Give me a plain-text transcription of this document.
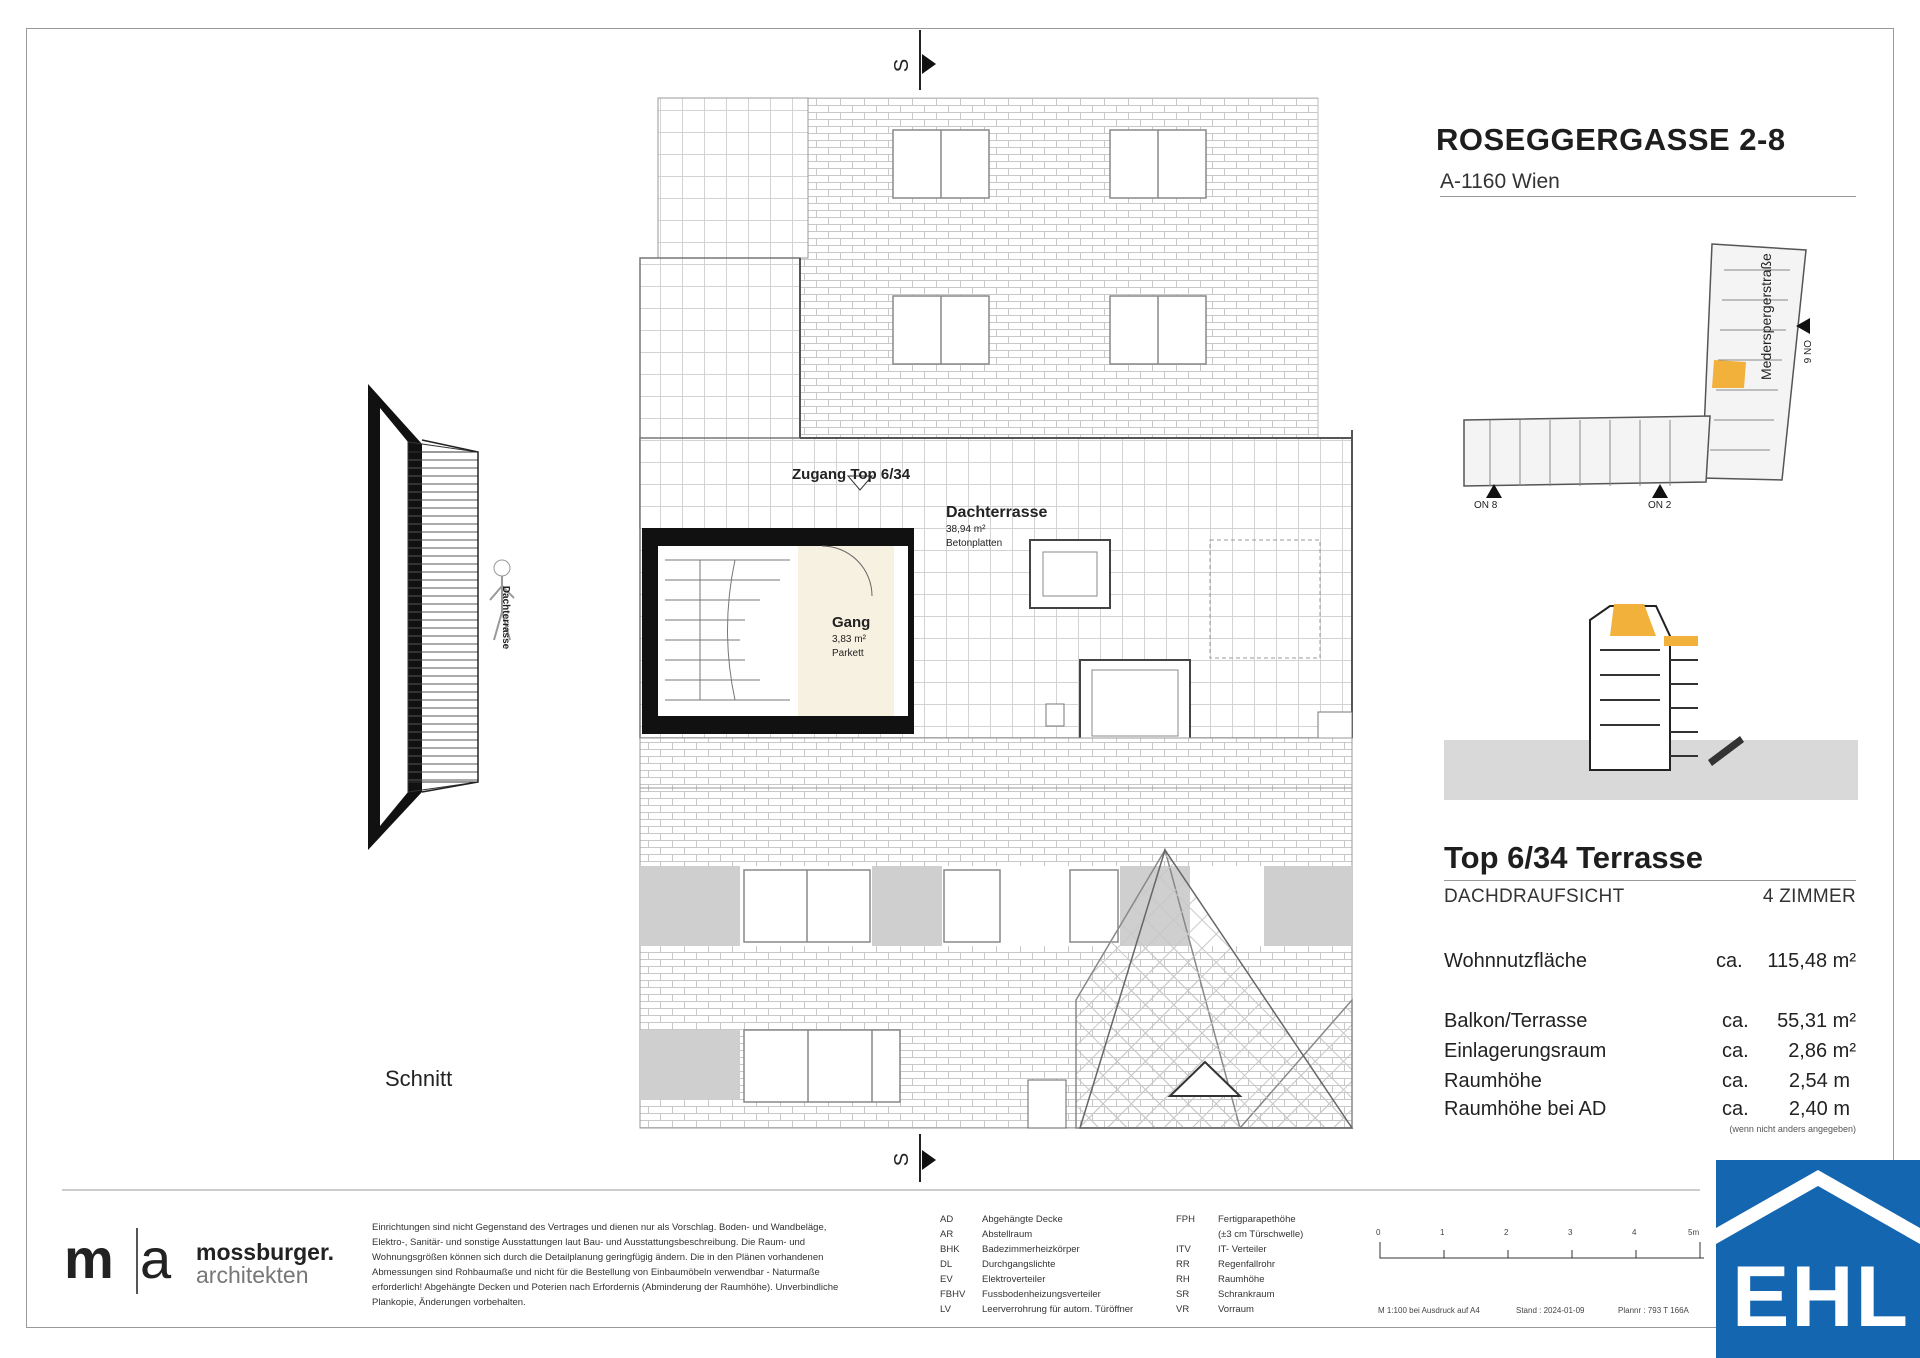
S
S
Zugang Top 6/34
Dachterrasse
38,94 m²
Betonplatten
Gang
3,83 m²
Parkett
Dachterrasse
Schnitt
ROSEGGERGASSE 2-8
A-1160 Wien
Mederspergerstraße
ON 8	ON 2
ON 6
Top 6/34 Terrasse
DACHDRAUFSICHT	4 ZIMMER
Wohnnutzfläche	ca. 115,48 m²
Balkon/Terrasse	ca. 55,31 m²
Einlagerungsraum	ca. 2,86 m²
Raumhöhe	ca. 2,54 m
Raumhöhe bei AD	ca. 2,40 m
(wenn nicht anders angegeben)
m a mossburger.
architekten
Einrichtungen sind nicht Gegenstand des Vertrages und dienen nur als Vorschlag. Boden- und Wandbeläge, Elektro-, Sanitär- und sonstige Ausstattungen laut Bau- und Ausstattungsbeschreibung. Die Raum- und Wohnungsgrößen können sich durch die Detailplanung geringfügig ändern. Die in den Plänen vorhandenen Abmessungen sind Rohbaumaße und nicht für die Bestellung von Einbaumöbeln verwendbar - Naturmaße erforderlich! Abgehängte Decken und Poterien nach Erfordernis (Abminderung der Raumhöhe). Unverbindliche Plankopie, Änderungen vorbehalten.
AD	Abgehängte Decke
AR	Abstellraum
BHK Badezimmerheizkörper
DL	Durchgangslichte
EV	Elektroverteiler
FBHV Fussbodenheizungsverteiler
LV	Leerverrohrung für autom. Türöffner
FPH Fertigparapethöhe
(±3 cm Türschwelle)
ITV	IT- Verteiler
RR	Regenfallrohr
RH	Raumhöhe
SR	Schrankraum
VR	Vorraum
0	1	2	3	4	5m
M 1:100 bei Ausdruck auf A4	Stand : 2024-01-09	Plannr : 793 T 166A EHL
